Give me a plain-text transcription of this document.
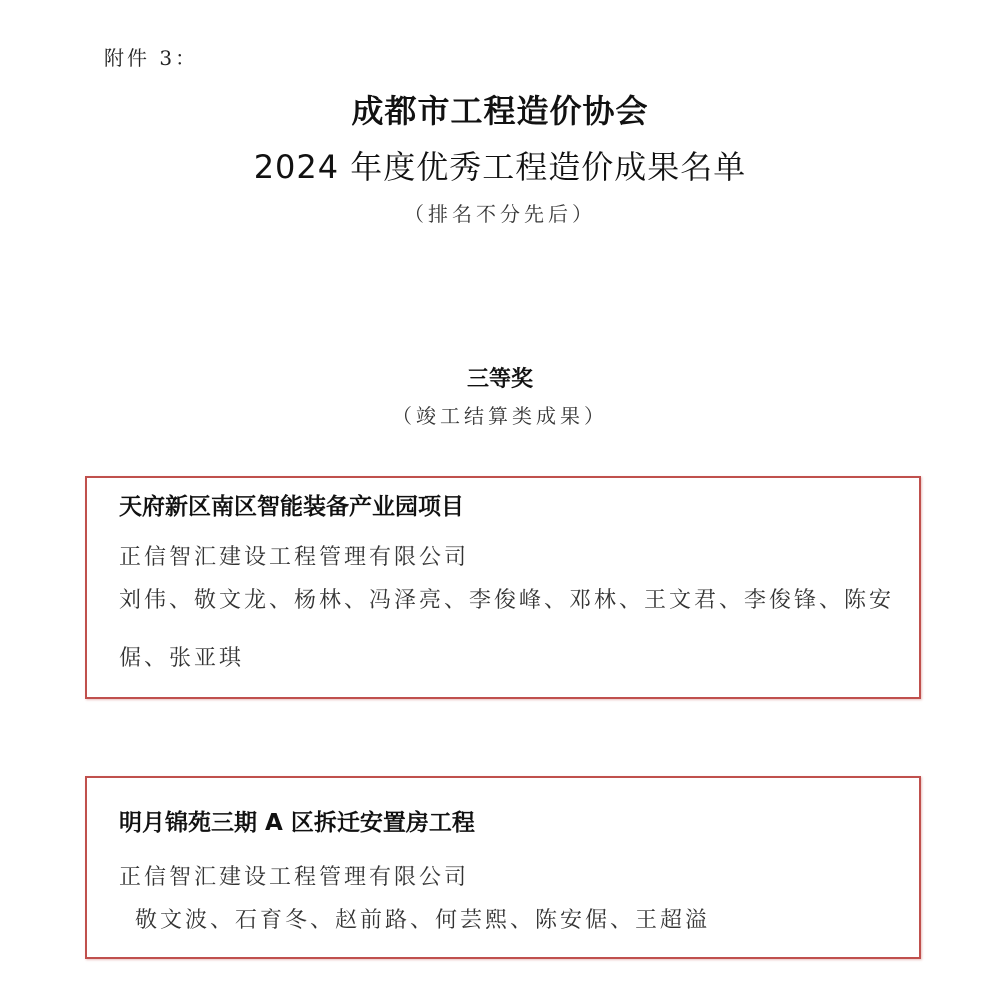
附件 3：
成都市工程造价协会
2024 年度优秀工程造价成果名单
（排名不分先后）
三等奖
（竣工结算类成果）
天府新区南区智能装备产业园项目
正信智汇建设工程管理有限公司
刘伟、敬文龙、杨林、冯泽亮、李俊峰、邓林、王文君、李俊锋、陈安倨、张亚琪
明月锦苑三期 A 区拆迁安置房工程
正信智汇建设工程管理有限公司
敬文波、石育冬、赵前路、何芸熙、陈安倨、王超溢
